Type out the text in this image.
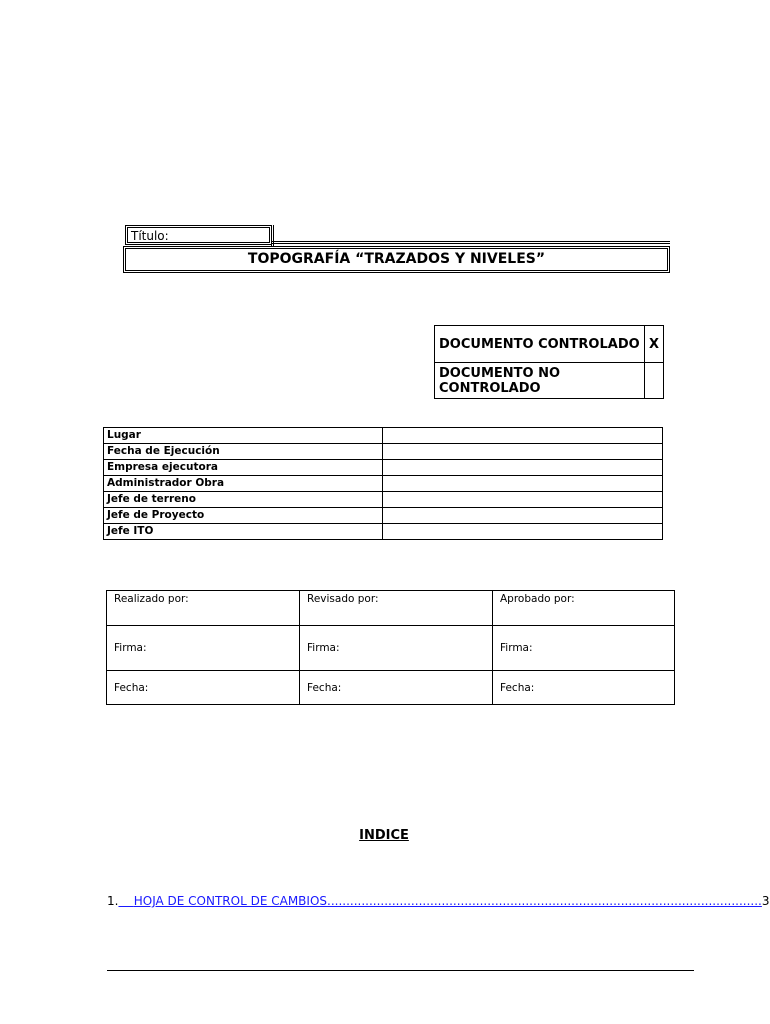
Título:
TOPOGRAFÍA “TRAZADOS Y NIVELES”
DOCUMENTO CONTROLADO	X
DOCUMENTO NO CONTROLADO	
Lugar	
Fecha de Ejecución	
Empresa ejecutora	
Administrador Obra	
Jefe de terreno	
Jefe de Proyecto	
Jefe ITO	
Realizado por:	Revisado por:	Aprobado por:
Firma:	Firma:	Firma:
Fecha:	Fecha:	Fecha:
INDICE
1.	HOJA DE CONTROL DE CAMBIOS .................................................................................................................. 3
